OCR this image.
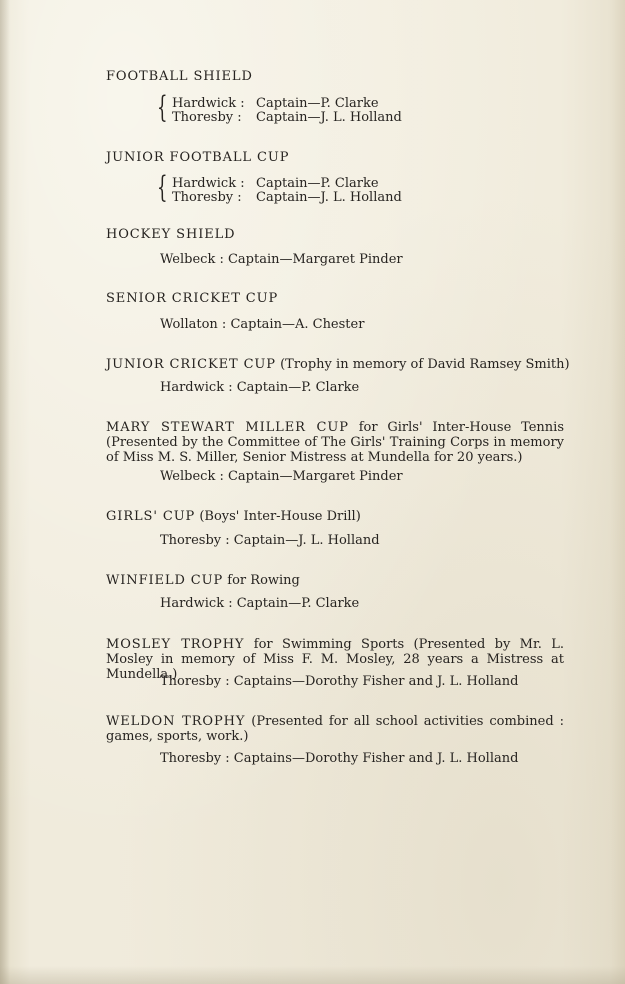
FOOTBALL SHIELD
{ Hardwick : Captain—P. Clarke
Thoresby : Captain—J. L. Holland
JUNIOR FOOTBALL CUP
{ Hardwick : Captain—P. Clarke
Thoresby : Captain—J. L. Holland
HOCKEY SHIELD
Welbeck : Captain—Margaret Pinder
SENIOR CRICKET CUP
Wollaton : Captain—A. Chester
JUNIOR CRICKET CUP (Trophy in memory of David Ramsey Smith)
Hardwick : Captain—P. Clarke
MARY STEWART MILLER CUP for Girls' Inter-House Tennis (Presented by the Committee of The Girls' Training Corps in memory of Miss M. S. Miller, Senior Mistress at Mundella for 20 years.)
Welbeck : Captain—Margaret Pinder
GIRLS' CUP (Boys' Inter-House Drill)
Thoresby : Captain—J. L. Holland
WINFIELD CUP for Rowing
Hardwick : Captain—P. Clarke
MOSLEY TROPHY for Swimming Sports (Presented by Mr. L. Mosley in memory of Miss F. M. Mosley, 28 years a Mistress at Mundella.)
Thoresby : Captains—Dorothy Fisher and J. L. Holland
WELDON TROPHY (Presented for all school activities combined : games, sports, work.)
Thoresby : Captains—Dorothy Fisher and J. L. Holland
